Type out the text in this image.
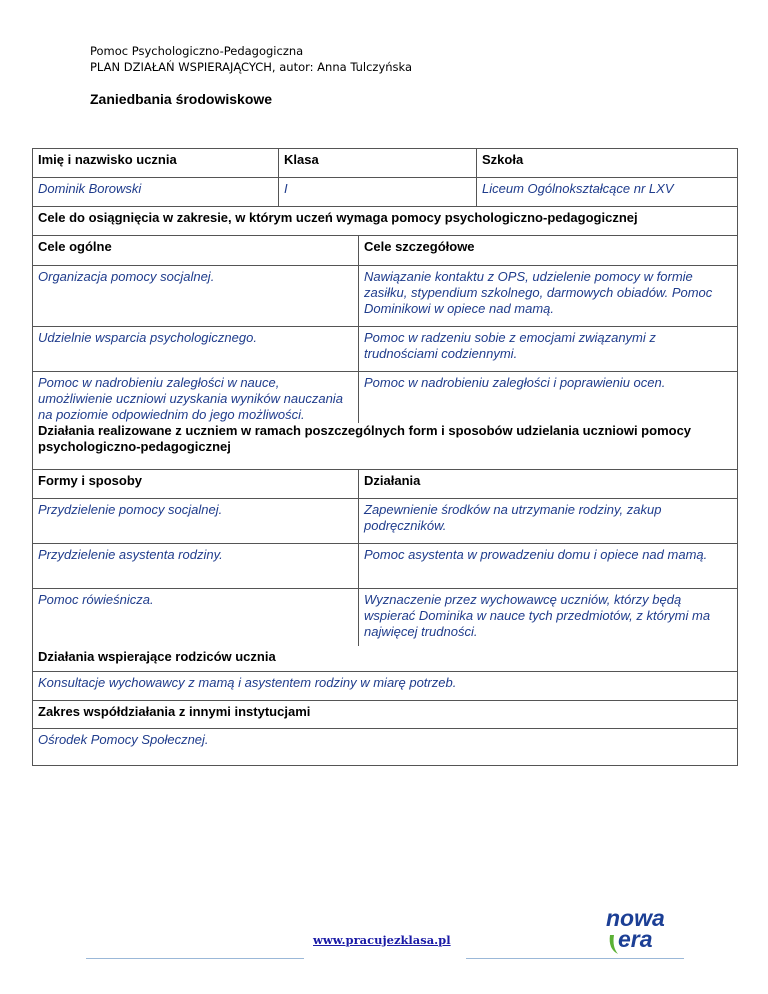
Pomoc Psychologiczno-Pedagogiczna
PLAN DZIAŁAŃ WSPIERAJĄCYCH, autor: Anna Tulczyńska
Zaniedbania środowiskowe
Imię i nazwisko ucznia	Klasa		Szkoła
Dominik Borowski	I		Liceum Ogólnokształcące nr LXV
Cele do osiągnięcia w zakresie, w którym uczeń wymaga pomocy psychologiczno-pedagogicznej			
Cele ogólne		Cele szczegółowe	
Organizacja pomocy socjalnej.		Nawiązanie kontaktu z OPS, udzielenie pomocy w formie zasiłku, stypendium szkolnego, darmowych obiadów. Pomoc Dominikowi w opiece nad mamą.	
Udzielnie wsparcia psychologicznego.		Pomoc w radzeniu sobie z emocjami związanymi z trudnościami codziennymi.	
Pomoc w nadrobieniu zaległości w nauce, umożliwienie uczniowi uzyskania wyników nauczania na poziomie odpowiednim do jego możliwości.		Pomoc w nadrobieniu zaległości i poprawieniu ocen.	
Działania realizowane z uczniem w ramach poszczególnych form i sposobów udzielania uczniowi pomocy psychologiczno-pedagogicznej			
Formy i sposoby		Działania	
Przydzielenie pomocy socjalnej.		Zapewnienie środków na utrzymanie rodziny, zakup podręczników.	
Przydzielenie asystenta rodziny.		Pomoc asystenta w prowadzeniu domu i opiece nad mamą.	
Pomoc rówieśnicza.		Wyznaczenie przez wychowawcę uczniów, którzy będą wspierać Dominika w nauce tych przedmiotów, z którymi ma najwięcej trudności.	
Działania wspierające rodziców ucznia			
Konsultacje wychowawcy z mamą i asystentem rodziny w miarę potrzeb.			
Zakres współdziałania z innymi instytucjami			
Ośrodek Pomocy Społecznej.			
nowa
era
www.pracujezklasa.pl
